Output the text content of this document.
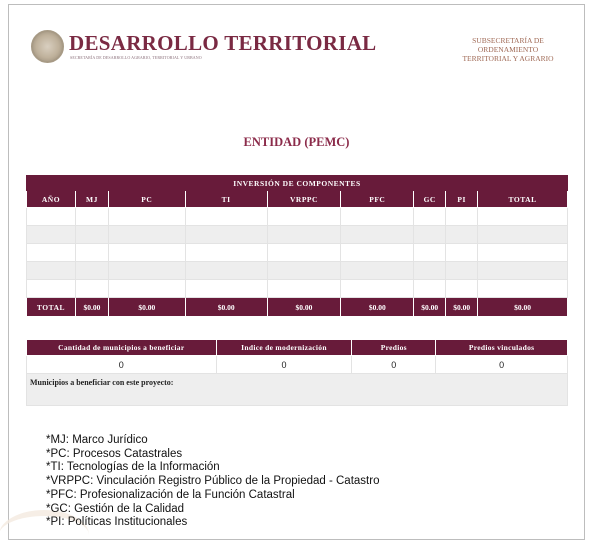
DESARROLLO TERRITORIAL
SECRETARÍA DE DESARROLLO AGRARIO, TERRITORIAL Y URBANO
SUBSECRETARÍA DE
ORDENAMIENTO
TERRITORIAL Y AGRARIO
ENTIDAD (PEMC)
INVERSIÓN DE COMPONENTES								
AÑO	MJ	PC	TI	VRPPC	PFC	GC	PI	TOTAL

TOTAL	$0.00	$0.00	$0.00	$0.00	$0.00	$0.00	$0.00	$0.00
Cantidad de municipios a beneficiar	Indice de modernización	Predios	Predios vinculados
0	0	0	0
Municipios a beneficiar con este proyecto:			
*MJ: Marco Jurídico
*PC: Procesos Catastrales
*TI: Tecnologías de la Información
*VRPPC: Vinculación Registro Público de la Propiedad - Catastro
*PFC: Profesionalización de la Función Catastral
*GC: Gestión de la Calidad
*PI: Políticas Institucionales
